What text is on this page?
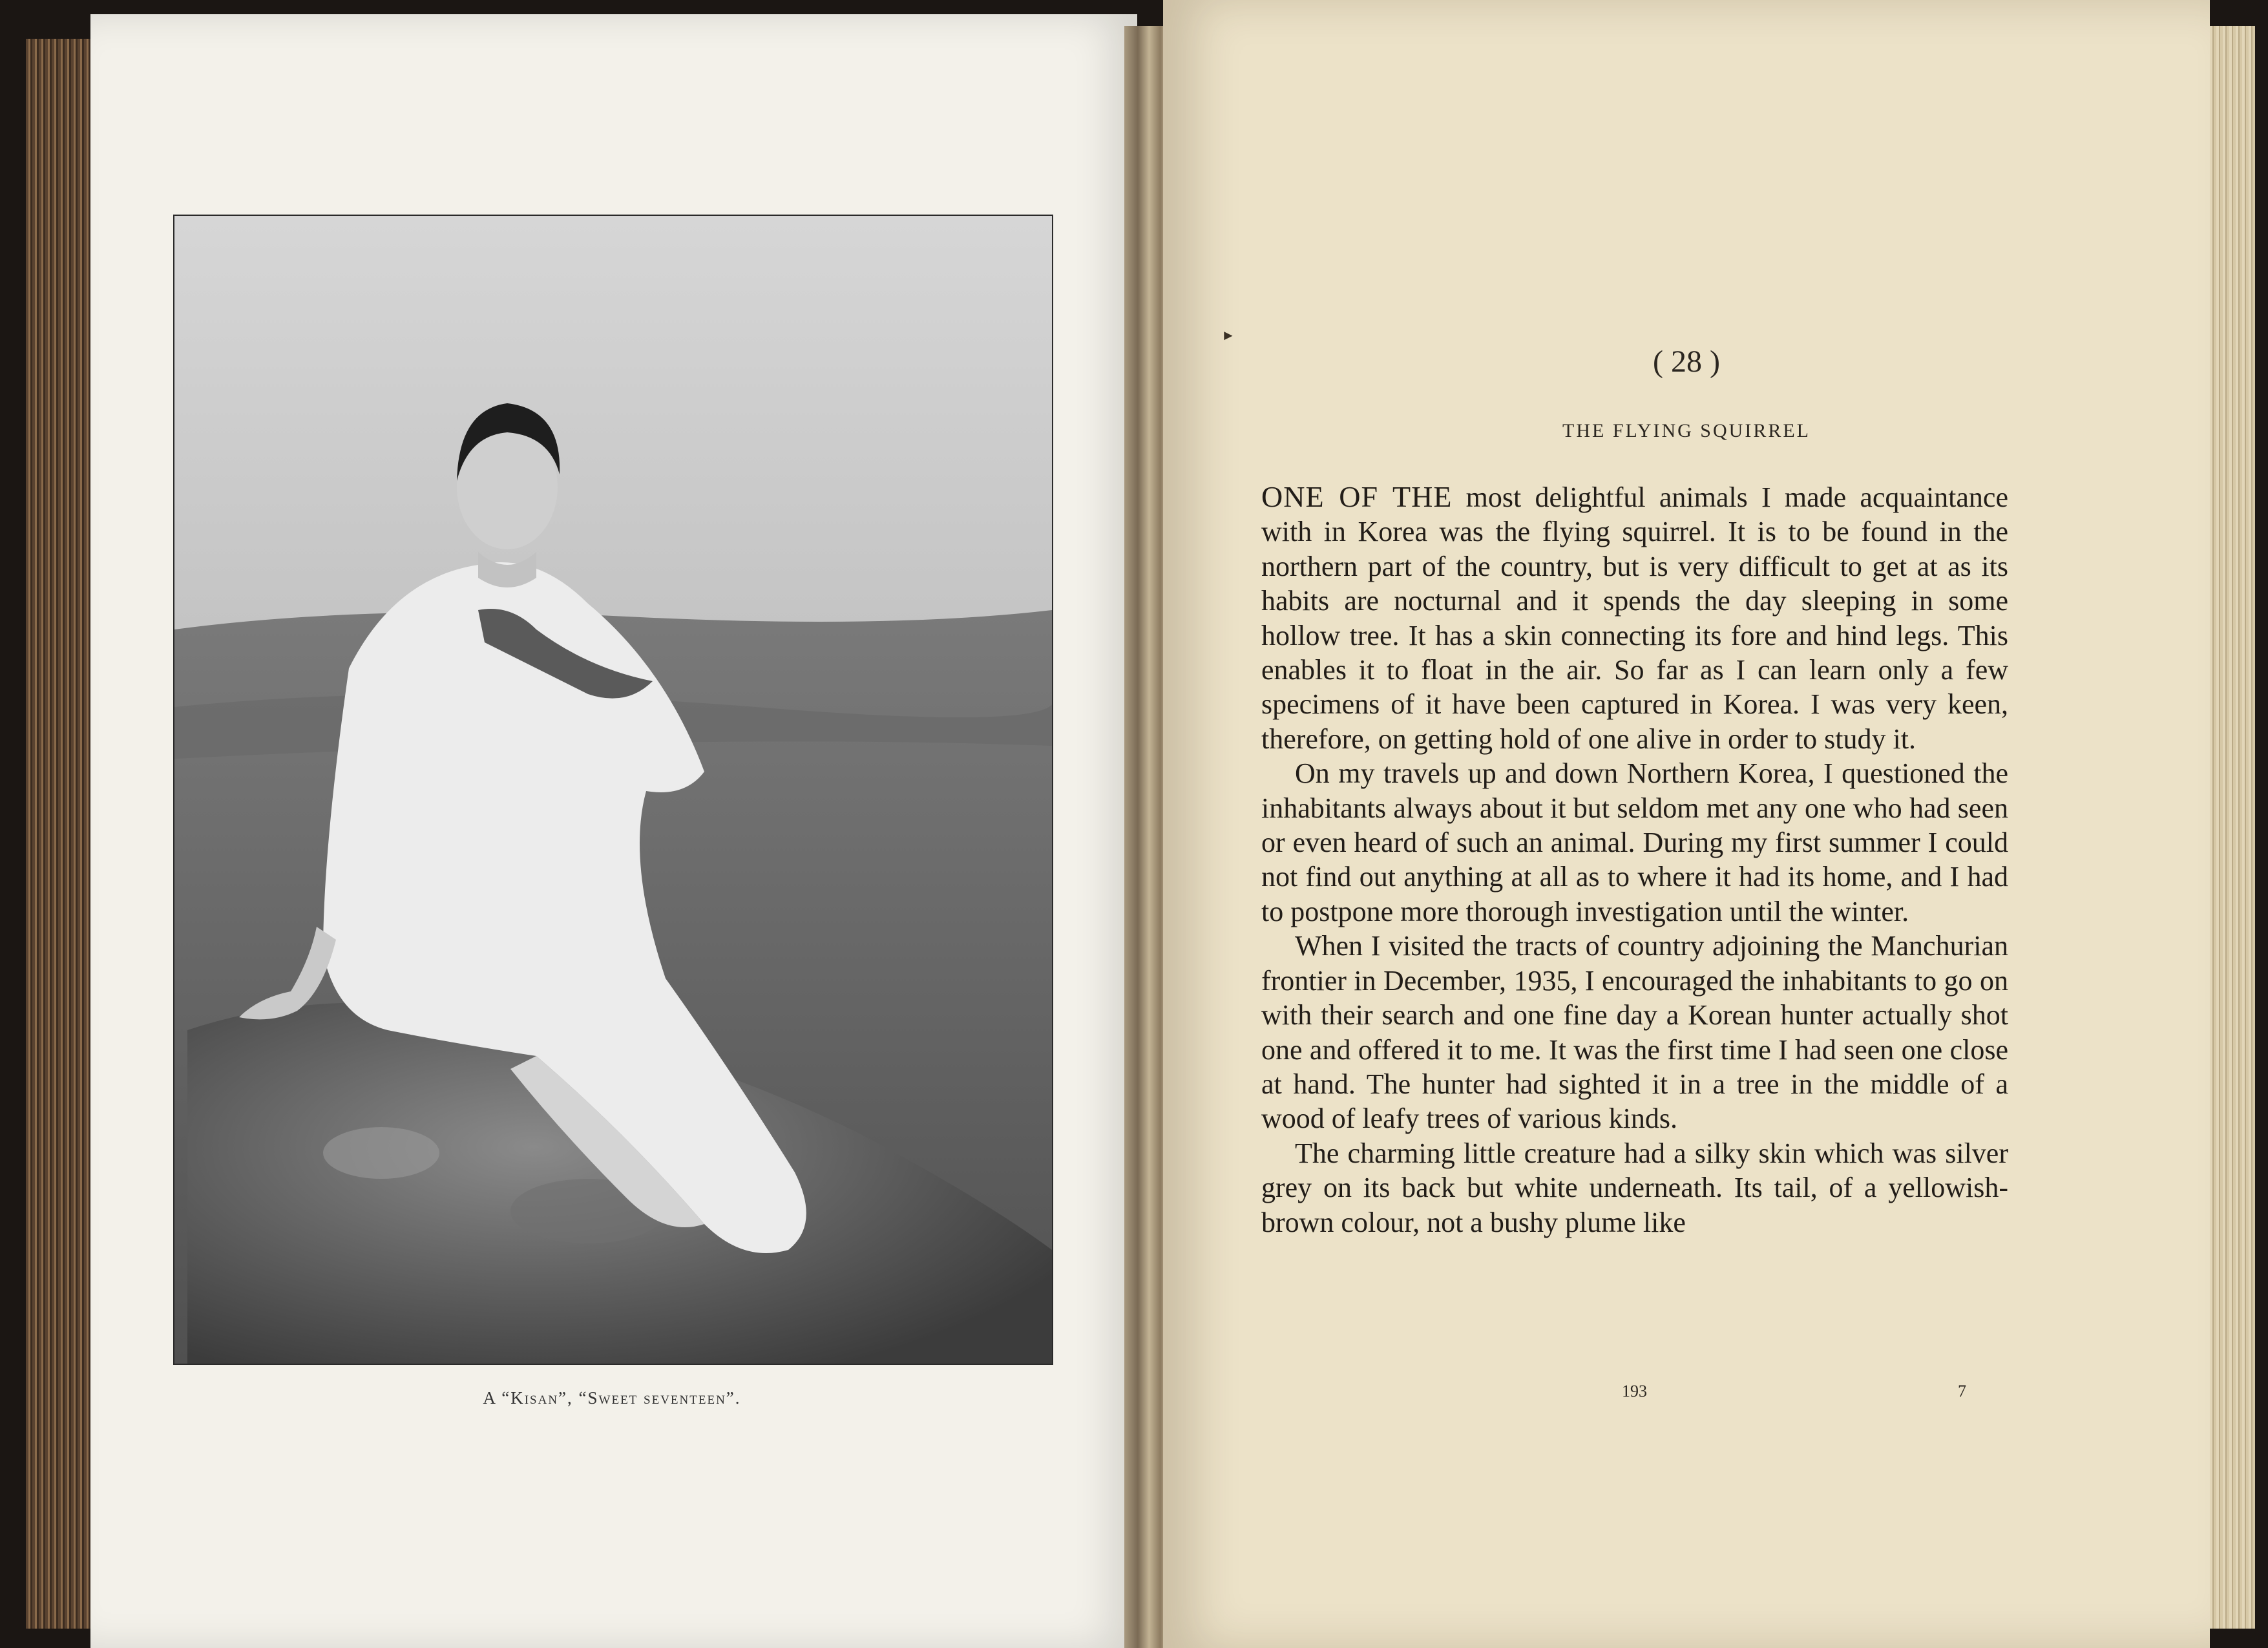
A “Kisan”, “Sweet seventeen”.
►
( 28 )
THE FLYING SQUIRREL

ONE OF THE most delightful animals I made acquaintance with in Korea was the flying squirrel. It is to be found in the northern part of the country, but is very difficult to get at as its habits are nocturnal and it spends the day sleeping in some hollow tree. It has a skin connecting its fore and hind legs. This enables it to float in the air. So far as I can learn only a few specimens of it have been captured in Korea. I was very keen, therefore, on getting hold of one alive in order to study it.

On my travels up and down Northern Korea, I questioned the inhabitants always about it but seldom met any one who had seen or even heard of such an animal. During my first summer I could not find out anything at all as to where it had its home, and I had to postpone more thorough investigation until the winter.

When I visited the tracts of country adjoining the Manchurian frontier in December, 1935, I encouraged the inhabitants to go on with their search and one fine day a Korean hunter actually shot one and offered it to me. It was the first time I had seen one close at hand. The hunter had sighted it in a tree in the middle of a wood of leafy trees of various kinds.

The charming little creature had a silky skin which was silver grey on its back but white underneath. Its tail, of a yellowish-brown colour, not a bushy plume like

193	7
